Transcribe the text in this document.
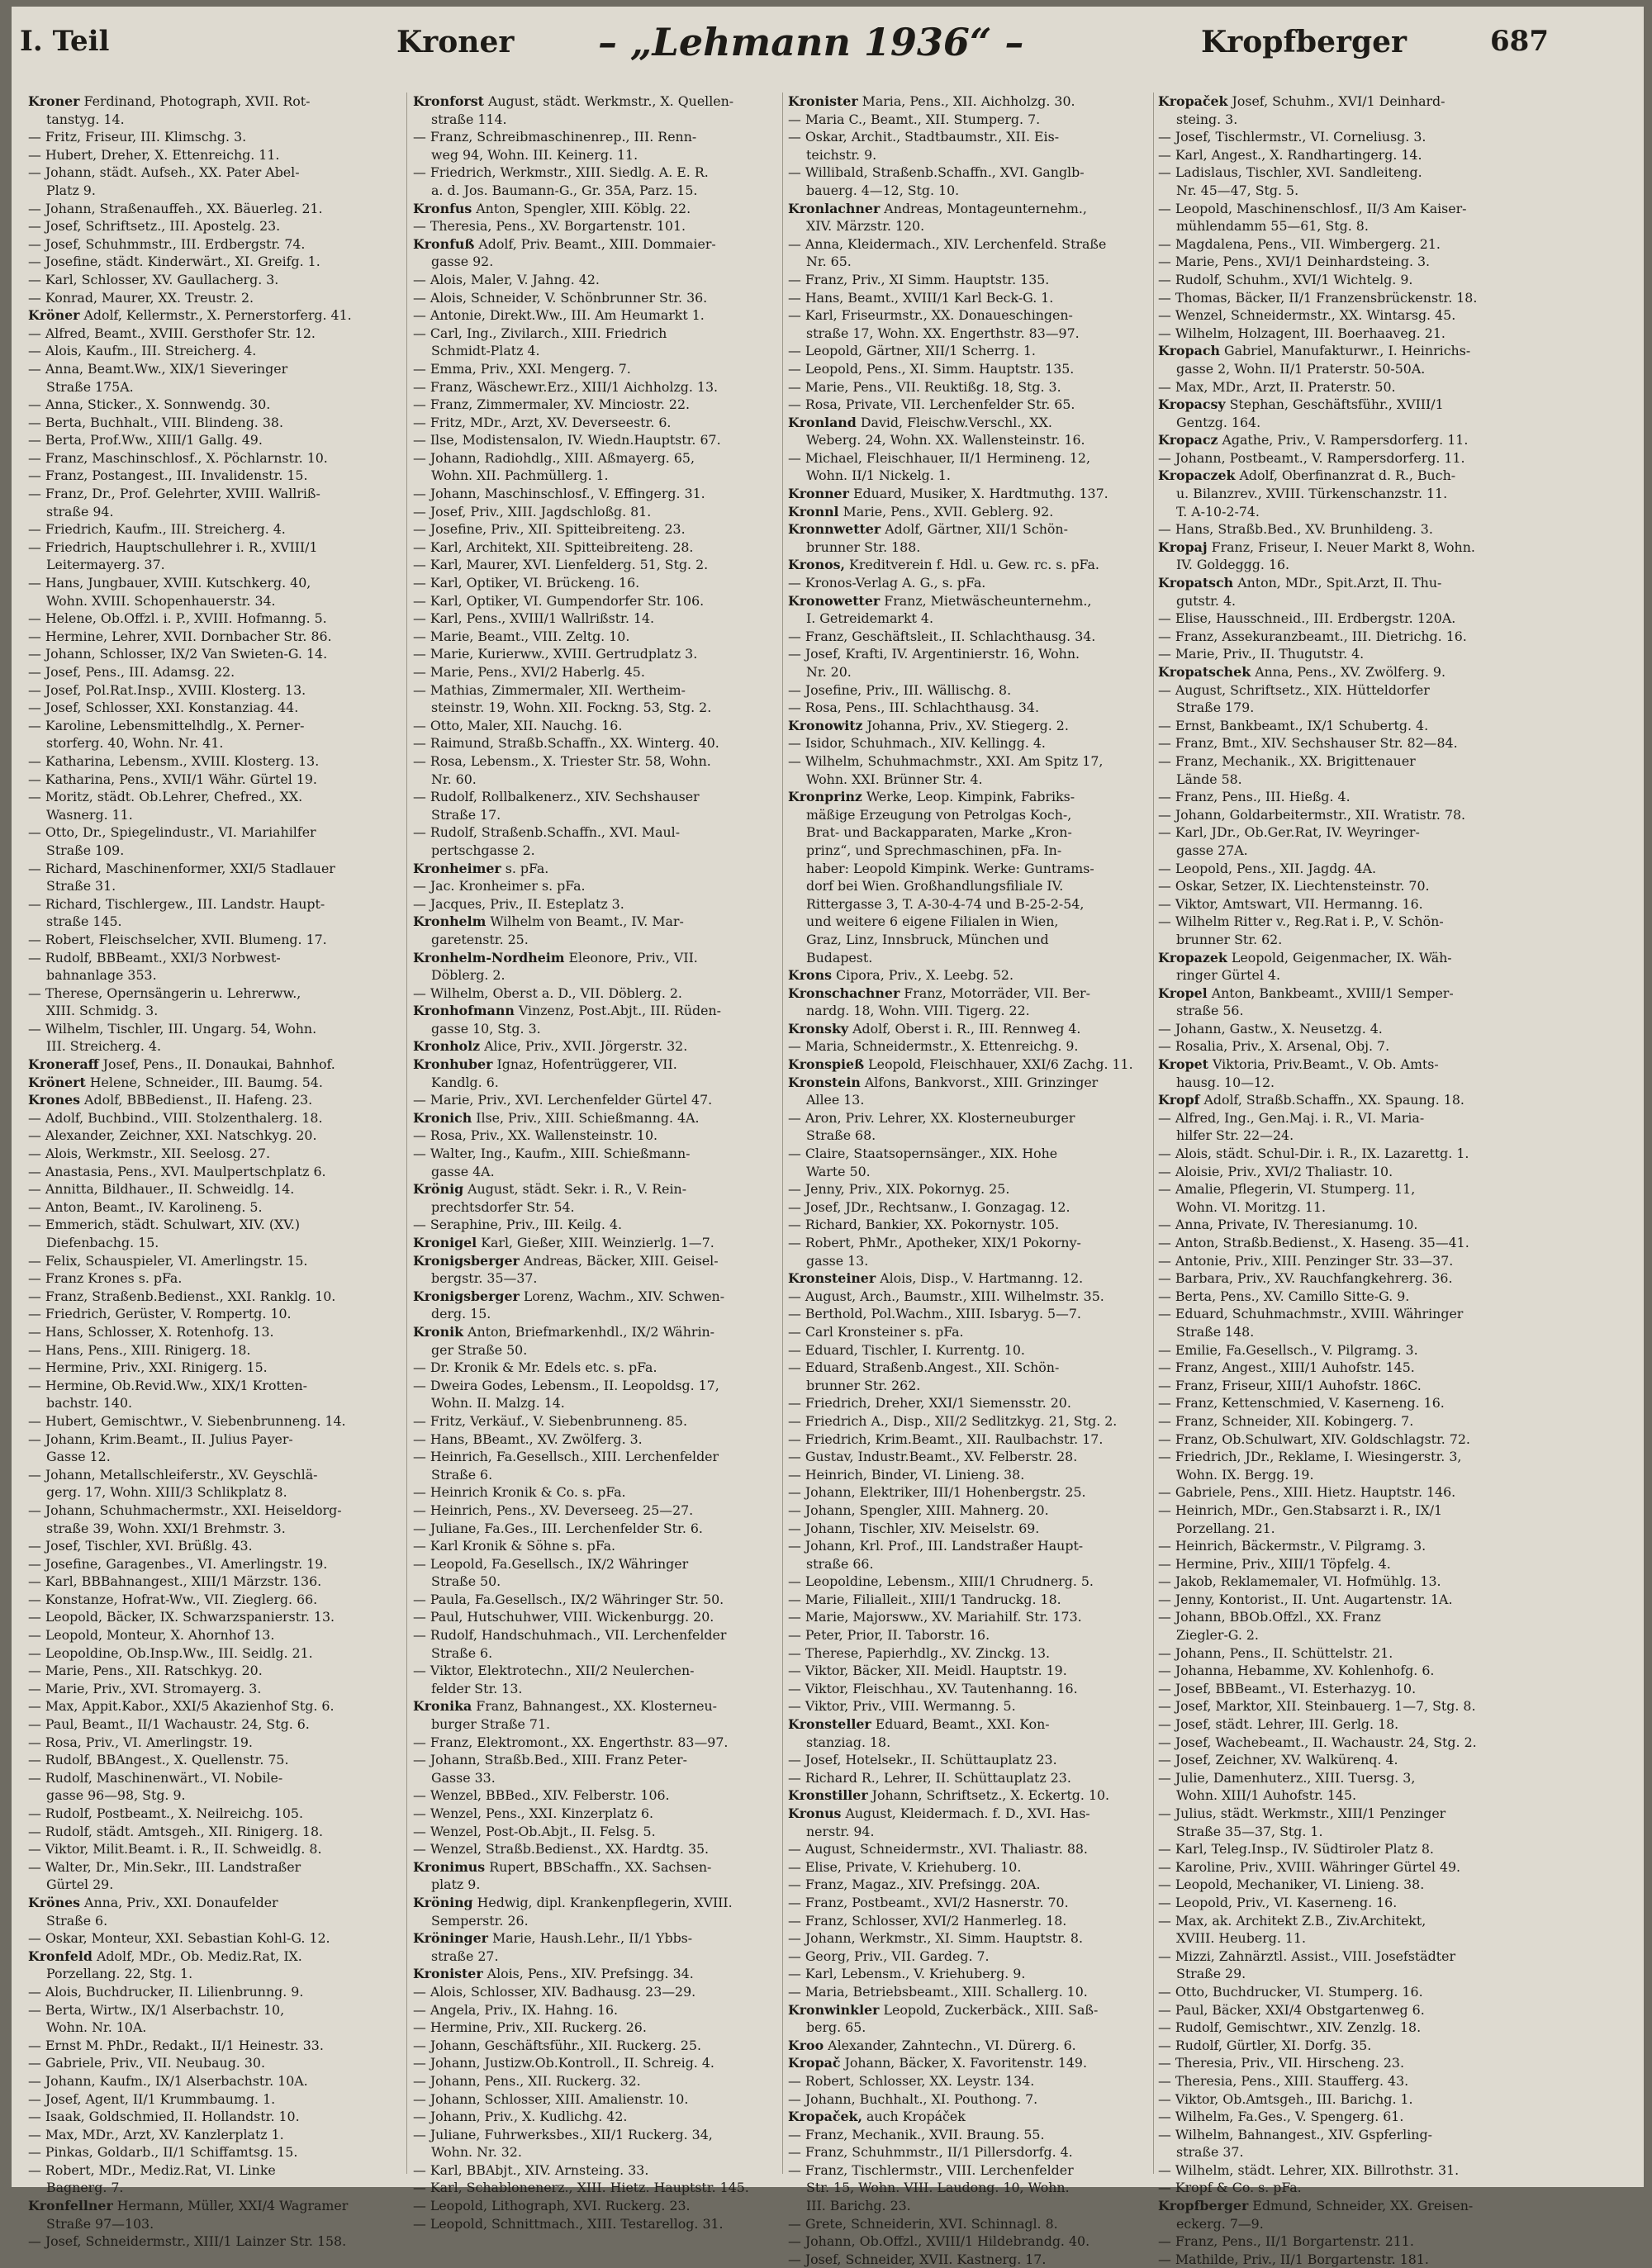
I. Teil	Kroner – „Lehmann 1936“ –	Kropfberger	687
Kroner Ferdinand, Photograph, XVII. Rot-
tanstyg. 14.
— Fritz, Friseur, III. Klimschg. 3.
— Hubert, Dreher, X. Ettenreichg. 11.
— Johann, städt. Aufseh., XX. Pater Abel-
Platz 9.
— Johann, Straßenauffeh., XX. Bäuerleg. 21.
— Josef, Schriftsetz., III. Apostelg. 23.
— Josef, Schuhmmstr., III. Erdbergstr. 74.
— Josefine, städt. Kinderwärt., XI. Greifg. 1.
— Karl, Schlosser, XV. Gaullacherg. 3.
— Konrad, Maurer, XX. Treustr. 2.
Kröner Adolf, Kellermstr., X. Pernerstorferg. 41.
— Alfred, Beamt., XVIII. Gersthofer Str. 12.
— Alois, Kaufm., III. Streicherg. 4.
— Anna, Beamt.Ww., XIX/1 Sieveringer
Straße 175A.
— Anna, Sticker., X. Sonnwendg. 30.
— Berta, Buchhalt., VIII. Blindeng. 38.
— Berta, Prof.Ww., XIII/1 Gallg. 49.
— Franz, Maschinschlosf., X. Pöchlarnstr. 10.
— Franz, Postangest., III. Invalidenstr. 15.
— Franz, Dr., Prof. Gelehrter, XVIII. Wallriß-
straße 94.
— Friedrich, Kaufm., III. Streicherg. 4.
— Friedrich, Hauptschullehrer i. R., XVIII/1
Leitermayerg. 37.
— Hans, Jungbauer, XVIII. Kutschkerg. 40,
Wohn. XVIII. Schopenhauerstr. 34.
— Helene, Ob.Offzl. i. P., XVIII. Hofmanng. 5.
— Hermine, Lehrer, XVII. Dornbacher Str. 86.
— Johann, Schlosser, IX/2 Van Swieten-G. 14.
— Josef, Pens., III. Adamsg. 22.
— Josef, Pol.Rat.Insp., XVIII. Klosterg. 13.
— Josef, Schlosser, XXI. Konstanziag. 44.
— Karoline, Lebensmittelhdlg., X. Perner-
storferg. 40, Wohn. Nr. 41.
— Katharina, Lebensm., XVIII. Klosterg. 13.
— Katharina, Pens., XVII/1 Währ. Gürtel 19.
— Moritz, städt. Ob.Lehrer, Chefred., XX.
Wasnerg. 11.
— Otto, Dr., Spiegelindustr., VI. Mariahilfer
Straße 109.
— Richard, Maschinenformer, XXI/5 Stadlauer
Straße 31.
— Richard, Tischlergew., III. Landstr. Haupt-
straße 145.
— Robert, Fleischselcher, XVII. Blumeng. 17.
— Rudolf, BBBeamt., XXI/3 Norbwest-
bahnanlage 353.
— Therese, Opernsängerin u. Lehrerww.,
XIII. Schmidg. 3.
— Wilhelm, Tischler, III. Ungarg. 54, Wohn.
III. Streicherg. 4.
Kroneraff Josef, Pens., II. Donaukai, Bahnhof.
Krönert Helene, Schneider., III. Baumg. 54.
Krones Adolf, BBBedienst., II. Hafeng. 23.
— Adolf, Buchbind., VIII. Stolzenthalerg. 18.
— Alexander, Zeichner, XXI. Natschkyg. 20.
— Alois, Werkmstr., XII. Seelosg. 27.
— Anastasia, Pens., XVI. Maulpertschplatz 6.
— Annitta, Bildhauer., II. Schweidlg. 14.
— Anton, Beamt., IV. Karolineng. 5.
— Emmerich, städt. Schulwart, XIV. (XV.)
Diefenbachg. 15.
— Felix, Schauspieler, VI. Amerlingstr. 15.
— Franz Krones s. pFa.
— Franz, Straßenb.Bedienst., XXI. Ranklg. 10.
— Friedrich, Gerüster, V. Rompertg. 10.
— Hans, Schlosser, X. Rotenhofg. 13.
— Hans, Pens., XIII. Rinigerg. 18.
— Hermine, Priv., XXI. Rinigerg. 15.
— Hermine, Ob.Revid.Ww., XIX/1 Krotten-
bachstr. 140.
— Hubert, Gemischtwr., V. Siebenbrunneng. 14.
— Johann, Krim.Beamt., II. Julius Payer-
Gasse 12.
— Johann, Metallschleiferstr., XV. Geyschlä-
gerg. 17, Wohn. XIII/3 Schlikplatz 8.
— Johann, Schuhmachermstr., XXI. Heiseldorg-
straße 39, Wohn. XXI/1 Brehmstr. 3.
— Josef, Tischler, XVI. Brüßlg. 43.
— Josefine, Garagenbes., VI. Amerlingstr. 19.
— Karl, BBBahnangest., XIII/1 Märzstr. 136.
— Konstanze, Hofrat-Ww., VII. Zieglerg. 66.
— Leopold, Bäcker, IX. Schwarzspanierstr. 13.
— Leopold, Monteur, X. Ahornhof 13.
— Leopoldine, Ob.Insp.Ww., III. Seidlg. 21.
— Marie, Pens., XII. Ratschkyg. 20.
— Marie, Priv., XVI. Stromayerg. 3.
— Max, Appit.Kabor., XXI/5 Akazienhof Stg. 6.
— Paul, Beamt., II/1 Wachaustr. 24, Stg. 6.
— Rosa, Priv., VI. Amerlingstr. 19.
— Rudolf, BBAngest., X. Quellenstr. 75.
— Rudolf, Maschinenwärt., VI. Nobile-
gasse 96—98, Stg. 9.
— Rudolf, Postbeamt., X. Neilreichg. 105.
— Rudolf, städt. Amtsgeh., XII. Rinigerg. 18.
— Viktor, Milit.Beamt. i. R., II. Schweidlg. 8.
— Walter, Dr., Min.Sekr., III. Landstraßer
Gürtel 29.
Krönes Anna, Priv., XXI. Donaufelder
Straße 6.
— Oskar, Monteur, XXI. Sebastian Kohl-G. 12.
Kronfeld Adolf, MDr., Ob. Mediz.Rat, IX.
Porzellang. 22, Stg. 1.
— Alois, Buchdrucker, II. Lilienbrunng. 9.
— Berta, Wirtw., IX/1 Alserbachstr. 10,
Wohn. Nr. 10A.
— Ernst M. PhDr., Redakt., II/1 Heinestr. 33.
— Gabriele, Priv., VII. Neubaug. 30.
— Johann, Kaufm., IX/1 Alserbachstr. 10A.
— Josef, Agent, II/1 Krummbaumg. 1.
— Isaak, Goldschmied, II. Hollandstr. 10.
— Max, MDr., Arzt, XV. Kanzlerplatz 1.
— Pinkas, Goldarb., II/1 Schiffamtsg. 15.
— Robert, MDr., Mediz.Rat, VI. Linke
Bagnerg. 7.
Kronfellner Hermann, Müller, XXI/4 Wagramer
Straße 97—103.
— Josef, Schneidermstr., XIII/1 Lainzer Str. 158.
Kronforst August, städt. Werkmstr., X. Quellen-
straße 114.
— Franz, Schreibmaschinenrep., III. Renn-
weg 94, Wohn. III. Keinerg. 11.
— Friedrich, Werkmstr., XIII. Siedlg. A. E. R.
a. d. Jos. Baumann-G., Gr. 35A, Parz. 15.
Kronfus Anton, Spengler, XIII. Köblg. 22.
— Theresia, Pens., XV. Borgartenstr. 101.
Kronfuß Adolf, Priv. Beamt., XIII. Dommaier-
gasse 92.
— Alois, Maler, V. Jahng. 42.
— Alois, Schneider, V. Schönbrunner Str. 36.
— Antonie, Direkt.Ww., III. Am Heumarkt 1.
— Carl, Ing., Zivilarch., XIII. Friedrich
Schmidt-Platz 4.
— Emma, Priv., XXI. Mengerg. 7.
— Franz, Wäschewr.Erz., XIII/1 Aichholzg. 13.
— Franz, Zimmermaler, XV. Minciostr. 22.
— Fritz, MDr., Arzt, XV. Deverseestr. 6.
— Ilse, Modistensalon, IV. Wiedn.Hauptstr. 67.
— Johann, Radiohdlg., XIII. Aßmayerg. 65,
Wohn. XII. Pachmüllerg. 1.
— Johann, Maschinschlosf., V. Effingerg. 31.
— Josef, Priv., XIII. Jagdschloßg. 81.
— Josefine, Priv., XII. Spitteibreiteng. 23.
— Karl, Architekt, XII. Spitteibreiteng. 28.
— Karl, Maurer, XVI. Lienfelderg. 51, Stg. 2.
— Karl, Optiker, VI. Brückeng. 16.
— Karl, Optiker, VI. Gumpendorfer Str. 106.
— Karl, Pens., XVIII/1 Wallrißstr. 14.
— Marie, Beamt., VIII. Zeltg. 10.
— Marie, Kurierww., XVIII. Gertrudplatz 3.
— Marie, Pens., XVI/2 Haberlg. 45.
— Mathias, Zimmermaler, XII. Wertheim-
steinstr. 19, Wohn. XII. Fockng. 53, Stg. 2.
— Otto, Maler, XII. Nauchg. 16.
— Raimund, Straßb.Schaffn., XX. Winterg. 40.
— Rosa, Lebensm., X. Triester Str. 58, Wohn.
Nr. 60.
— Rudolf, Rollbalkenerz., XIV. Sechshauser
Straße 17.
— Rudolf, Straßenb.Schaffn., XVI. Maul-
pertschgasse 2.
Kronheimer s. pFa.
— Jac. Kronheimer s. pFa.
— Jacques, Priv., II. Esteplatz 3.
Kronhelm Wilhelm von Beamt., IV. Mar-
garetenstr. 25.
Kronhelm-Nordheim Eleonore, Priv., VII.
Döblerg. 2.
— Wilhelm, Oberst a. D., VII. Döblerg. 2.
Kronhofmann Vinzenz, Post.Abjt., III. Rüden-
gasse 10, Stg. 3.
Kronholz Alice, Priv., XVII. Jörgerstr. 32.
Kronhuber Ignaz, Hofentrüggerer, VII.
Kandlg. 6.
— Marie, Priv., XVI. Lerchenfelder Gürtel 47.
Kronich Ilse, Priv., XIII. Schießmanng. 4A.
— Rosa, Priv., XX. Wallensteinstr. 10.
— Walter, Ing., Kaufm., XIII. Schießmann-
gasse 4A.
Krönig August, städt. Sekr. i. R., V. Rein-
prechtsdorfer Str. 54.
— Seraphine, Priv., III. Keilg. 4.
Kronigel Karl, Gießer, XIII. Weinzierlg. 1—7.
Kronigsberger Andreas, Bäcker, XIII. Geisel-
bergstr. 35—37.
Kronigsberger Lorenz, Wachm., XIV. Schwen-
derg. 15.
Kronik Anton, Briefmarkenhdl., IX/2 Währin-
ger Straße 50.
— Dr. Kronik & Mr. Edels etc. s. pFa.
— Dweira Godes, Lebensm., II. Leopoldsg. 17,
Wohn. II. Malzg. 14.
— Fritz, Verkäuf., V. Siebenbrunneng. 85.
— Hans, BBeamt., XV. Zwölferg. 3.
— Heinrich, Fa.Gesellsch., XIII. Lerchenfelder
Straße 6.
— Heinrich Kronik & Co. s. pFa.
— Heinrich, Pens., XV. Deverseeg. 25—27.
— Juliane, Fa.Ges., III. Lerchenfelder Str. 6.
— Karl Kronik & Söhne s. pFa.
— Leopold, Fa.Gesellsch., IX/2 Währinger
Straße 50.
— Paula, Fa.Gesellsch., IX/2 Währinger Str. 50.
— Paul, Hutschuhwer, VIII. Wickenburgg. 20.
— Rudolf, Handschuhmach., VII. Lerchenfelder
Straße 6.
— Viktor, Elektrotechn., XII/2 Neulerchen-
felder Str. 13.
Kronika Franz, Bahnangest., XX. Klosterneu-
burger Straße 71.
— Franz, Elektromont., XX. Engerthstr. 83—97.
— Johann, Straßb.Bed., XIII. Franz Peter-
Gasse 33.
— Wenzel, BBBed., XIV. Felberstr. 106.
— Wenzel, Pens., XXI. Kinzerplatz 6.
— Wenzel, Post-Ob.Abjt., II. Felsg. 5.
— Wenzel, Straßb.Bedienst., XX. Hardtg. 35.
Kronimus Rupert, BBSchaffn., XX. Sachsen-
platz 9.
Kröning Hedwig, dipl. Krankenpflegerin, XVIII.
Semperstr. 26.
Kröninger Marie, Haush.Lehr., II/1 Ybbs-
straße 27.
Kronister Alois, Pens., XIV. Prefsingg. 34.
— Alois, Schlosser, XIV. Badhausg. 23—29.
— Angela, Priv., IX. Hahng. 16.
— Hermine, Priv., XII. Ruckerg. 26.
— Johann, Geschäftsführ., XII. Ruckerg. 25.
— Johann, Justizw.Ob.Kontroll., II. Schreig. 4.
— Johann, Pens., XII. Ruckerg. 32.
— Johann, Schlosser, XIII. Amalienstr. 10.
— Johann, Priv., X. Kudlichg. 42.
— Juliane, Fuhrwerksbes., XII/1 Ruckerg. 34,
Wohn. Nr. 32.
— Karl, BBAbjt., XIV. Arnsteing. 33.
— Karl, Schablonenerz., XIII. Hietz. Hauptstr. 145.
— Leopold, Lithograph, XVI. Ruckerg. 23.
— Leopold, Schnittmach., XIII. Testarellog. 31.
Kronister Maria, Pens., XII. Aichholzg. 30.
— Maria C., Beamt., XII. Stumperg. 7.
— Oskar, Archit., Stadtbaumstr., XII. Eis-
teichstr. 9.
— Willibald, Straßenb.Schaffn., XVI. Ganglb-
bauerg. 4—12, Stg. 10.
Kronlachner Andreas, Montageunternehm.,
XIV. Märzstr. 120.
— Anna, Kleidermach., XIV. Lerchenfeld. Straße
Nr. 65.
— Franz, Priv., XI Simm. Hauptstr. 135.
— Hans, Beamt., XVIII/1 Karl Beck-G. 1.
— Karl, Friseurmstr., XX. Donaueschingen-
straße 17, Wohn. XX. Engerthstr. 83—97.
— Leopold, Gärtner, XII/1 Scherrg. 1.
— Leopold, Pens., XI. Simm. Hauptstr. 135.
— Marie, Pens., VII. Reuktißg. 18, Stg. 3.
— Rosa, Private, VII. Lerchenfelder Str. 65.
Kronland David, Fleischw.Verschl., XX.
Weberg. 24, Wohn. XX. Wallensteinstr. 16.
— Michael, Fleischhauer, II/1 Hermineng. 12,
Wohn. II/1 Nickelg. 1.
Kronner Eduard, Musiker, X. Hardtmuthg. 137.
Kronnl Marie, Pens., XVII. Geblerg. 92.
Kronnwetter Adolf, Gärtner, XII/1 Schön-
brunner Str. 188.
Kronos, Kreditverein f. Hdl. u. Gew. rc. s. pFa.
— Kronos-Verlag A. G., s. pFa.
Kronowetter Franz, Mietwäscheunternehm.,
I. Getreidemarkt 4.
— Franz, Geschäftsleit., II. Schlachthausg. 34.
— Josef, Krafti, IV. Argentinierstr. 16, Wohn.
Nr. 20.
— Josefine, Priv., III. Wällischg. 8.
— Rosa, Pens., III. Schlachthausg. 34.
Kronowitz Johanna, Priv., XV. Stiegerg. 2.
— Isidor, Schuhmach., XIV. Kellingg. 4.
— Wilhelm, Schuhmachmstr., XXI. Am Spitz 17,
Wohn. XXI. Brünner Str. 4.
Kronprinz Werke, Leop. Kimpink, Fabriks-
mäßige Erzeugung von Petrolgas Koch-,
Brat- und Backapparaten, Marke „Kron-
prinz“, und Sprechmaschinen, pFa. In-
haber: Leopold Kimpink. Werke: Guntrams-
dorf bei Wien. Großhandlungsfiliale IV.
Rittergasse 3, T. A-30-4-74 und B-25-2-54,
und weitere 6 eigene Filialen in Wien,
Graz, Linz, Innsbruck, München und
Budapest.
Krons Cipora, Priv., X. Leebg. 52.
Kronschachner Franz, Motorräder, VII. Ber-
nardg. 18, Wohn. VIII. Tigerg. 22.
Kronsky Adolf, Oberst i. R., III. Rennweg 4.
— Maria, Schneidermstr., X. Ettenreichg. 9.
Kronspieß Leopold, Fleischhauer, XXI/6 Zachg. 11.
Kronstein Alfons, Bankvorst., XIII. Grinzinger
Allee 13.
— Aron, Priv. Lehrer, XX. Klosterneuburger
Straße 68.
— Claire, Staatsopernsänger., XIX. Hohe
Warte 50.
— Jenny, Priv., XIX. Pokornyg. 25.
— Josef, JDr., Rechtsanw., I. Gonzagag. 12.
— Richard, Bankier, XX. Pokornystr. 105.
— Robert, PhMr., Apotheker, XIX/1 Pokorny-
gasse 13.
Kronsteiner Alois, Disp., V. Hartmanng. 12.
— August, Arch., Baumstr., XIII. Wilhelmstr. 35.
— Berthold, Pol.Wachm., XIII. Isbaryg. 5—7.
— Carl Kronsteiner s. pFa.
— Eduard, Tischler, I. Kurrentg. 10.
— Eduard, Straßenb.Angest., XII. Schön-
brunner Str. 262.
— Friedrich, Dreher, XXI/1 Siemensstr. 20.
— Friedrich A., Disp., XII/2 Sedlitzkyg. 21, Stg. 2.
— Friedrich, Krim.Beamt., XII. Raulbachstr. 17.
— Gustav, Industr.Beamt., XV. Felberstr. 28.
— Heinrich, Binder, VI. Linieng. 38.
— Johann, Elektriker, III/1 Hohenbergstr. 25.
— Johann, Spengler, XIII. Mahnerg. 20.
— Johann, Tischler, XIV. Meiselstr. 69.
— Johann, Krl. Prof., III. Landstraßer Haupt-
straße 66.
— Leopoldine, Lebensm., XIII/1 Chrudnerg. 5.
— Marie, Filialleit., XIII/1 Tandruckg. 18.
— Marie, Majorsww., XV. Mariahilf. Str. 173.
— Peter, Prior, II. Taborstr. 16.
— Therese, Papierhdlg., XV. Zinckg. 13.
— Viktor, Bäcker, XII. Meidl. Hauptstr. 19.
— Viktor, Fleischhau., XV. Tautenhanng. 16.
— Viktor, Priv., VIII. Wermanng. 5.
Kronsteller Eduard, Beamt., XXI. Kon-
stanziag. 18.
— Josef, Hotelsekr., II. Schüttauplatz 23.
— Richard R., Lehrer, II. Schüttauplatz 23.
Kronstiller Johann, Schriftsetz., X. Eckertg. 10.
Kronus August, Kleidermach. f. D., XVI. Has-
nerstr. 94.
— August, Schneidermstr., XVI. Thaliastr. 88.
— Elise, Private, V. Kriehuberg. 10.
— Franz, Magaz., XIV. Prefsingg. 20A.
— Franz, Postbeamt., XVI/2 Hasnerstr. 70.
— Franz, Schlosser, XVI/2 Hanmerleg. 18.
— Johann, Werkmstr., XI. Simm. Hauptstr. 8.
— Georg, Priv., VII. Gardeg. 7.
— Karl, Lebensm., V. Kriehuberg. 9.
— Maria, Betriebsbeamt., XIII. Schallerg. 10.
Kronwinkler Leopold, Zuckerbäck., XIII. Saß-
berg. 65.
Kroo Alexander, Zahntechn., VI. Dürerg. 6.
Kropač Johann, Bäcker, X. Favoritenstr. 149.
— Robert, Schlosser, XX. Leystr. 134.
— Johann, Buchhalt., XI. Pouthong. 7.
Kropaček, auch Kropáček
— Franz, Mechanik., XVII. Braung. 55.
— Franz, Schuhmmstr., II/1 Pillersdorfg. 4.
— Franz, Tischlermstr., VIII. Lerchenfelder
Str. 15, Wohn. VIII. Laudong. 10, Wohn.
III. Barichg. 23.
— Grete, Schneiderin, XVI. Schinnagl. 8.
— Johann, Ob.Offzl., XVIII/1 Hildebrandg. 40.
— Josef, Schneider, XVII. Kastnerg. 17.
Kropaček Josef, Schuhm., XVI/1 Deinhard-
steing. 3.
— Josef, Tischlermstr., VI. Corneliusg. 3.
— Karl, Angest., X. Randhartingerg. 14.
— Ladislaus, Tischler, XVI. Sandleiteng.
Nr. 45—47, Stg. 5.
— Leopold, Maschinenschlosf., II/3 Am Kaiser-
mühlendamm 55—61, Stg. 8.
— Magdalena, Pens., VII. Wimbergerg. 21.
— Marie, Pens., XVI/1 Deinhardsteing. 3.
— Rudolf, Schuhm., XVI/1 Wichtelg. 9.
— Thomas, Bäcker, II/1 Franzensbrückenstr. 18.
— Wenzel, Schneidermstr., XX. Wintarsg. 45.
— Wilhelm, Holzagent, III. Boerhaaveg. 21.
Kropach Gabriel, Manufakturwr., I. Heinrichs-
gasse 2, Wohn. II/1 Praterstr. 50-50A.
— Max, MDr., Arzt, II. Praterstr. 50.
Kropacsy Stephan, Geschäftsführ., XVIII/1
Gentzg. 164.
Kropacz Agathe, Priv., V. Rampersdorferg. 11.
— Johann, Postbeamt., V. Rampersdorferg. 11.
Kropaczek Adolf, Oberfinanzrat d. R., Buch-
u. Bilanzrev., XVIII. Türkenschanzstr. 11.
T. A-10-2-74.
— Hans, Straßb.Bed., XV. Brunhildeng. 3.
Kropaj Franz, Friseur, I. Neuer Markt 8, Wohn.
IV. Goldeggg. 16.
Kropatsch Anton, MDr., Spit.Arzt, II. Thu-
gutstr. 4.
— Elise, Hausschneid., III. Erdbergstr. 120A.
— Franz, Assekuranzbeamt., III. Dietrichg. 16.
— Marie, Priv., II. Thugutstr. 4.
Kropatschek Anna, Pens., XV. Zwölferg. 9.
— August, Schriftsetz., XIX. Hütteldorfer
Straße 179.
— Ernst, Bankbeamt., IX/1 Schubertg. 4.
— Franz, Bmt., XIV. Sechshauser Str. 82—84.
— Franz, Mechanik., XX. Brigittenauer
Lände 58.
— Franz, Pens., III. Hießg. 4.
— Johann, Goldarbeitermstr., XII. Wratistr. 78.
— Karl, JDr., Ob.Ger.Rat, IV. Weyringer-
gasse 27A.
— Leopold, Pens., XII. Jagdg. 4A.
— Oskar, Setzer, IX. Liechtensteinstr. 70.
— Viktor, Amtswart, VII. Hermanng. 16.
— Wilhelm Ritter v., Reg.Rat i. P., V. Schön-
brunner Str. 62.
Kropazek Leopold, Geigenmacher, IX. Wäh-
ringer Gürtel 4.
Kropel Anton, Bankbeamt., XVIII/1 Semper-
straße 56.
— Johann, Gastw., X. Neusetzg. 4.
— Rosalia, Priv., X. Arsenal, Obj. 7.
Kropet Viktoria, Priv.Beamt., V. Ob. Amts-
hausg. 10—12.
Kropf Adolf, Straßb.Schaffn., XX. Spaung. 18.
— Alfred, Ing., Gen.Maj. i. R., VI. Maria-
hilfer Str. 22—24.
— Alois, städt. Schul-Dir. i. R., IX. Lazarettg. 1.
— Aloisie, Priv., XVI/2 Thaliastr. 10.
— Amalie, Pflegerin, VI. Stumperg. 11,
Wohn. VI. Moritzg. 11.
— Anna, Private, IV. Theresianumg. 10.
— Anton, Straßb.Bedienst., X. Haseng. 35—41.
— Antonie, Priv., XIII. Penzinger Str. 33—37.
— Barbara, Priv., XV. Rauchfangkehrerg. 36.
— Berta, Pens., XV. Camillo Sitte-G. 9.
— Eduard, Schuhmachmstr., XVIII. Währinger
Straße 148.
— Emilie, Fa.Gesellsch., V. Pilgramg. 3.
— Franz, Angest., XIII/1 Auhofstr. 145.
— Franz, Friseur, XIII/1 Auhofstr. 186C.
— Franz, Kettenschmied, V. Kaserneng. 16.
— Franz, Schneider, XII. Kobingerg. 7.
— Franz, Ob.Schulwart, XIV. Goldschlagstr. 72.
— Friedrich, JDr., Reklame, I. Wiesingerstr. 3,
Wohn. IX. Bergg. 19.
— Gabriele, Pens., XIII. Hietz. Hauptstr. 146.
— Heinrich, MDr., Gen.Stabsarzt i. R., IX/1
Porzellang. 21.
— Heinrich, Bäckermstr., V. Pilgramg. 3.
— Hermine, Priv., XIII/1 Töpfelg. 4.
— Jakob, Reklamemaler, VI. Hofmühlg. 13.
— Jenny, Kontorist., II. Unt. Augartenstr. 1A.
— Johann, BBOb.Offzl., XX. Franz
Ziegler-G. 2.
— Johann, Pens., II. Schüttelstr. 21.
— Johanna, Hebamme, XV. Kohlenhofg. 6.
— Josef, BBBeamt., VI. Esterhazyg. 10.
— Josef, Marktor, XII. Steinbauerg. 1—7, Stg. 8.
— Josef, städt. Lehrer, III. Gerlg. 18.
— Josef, Wachebeamt., II. Wachaustr. 24, Stg. 2.
— Josef, Zeichner, XV. Walkürenq. 4.
— Julie, Damenhuterz., XIII. Tuersg. 3,
Wohn. XIII/1 Auhofstr. 145.
— Julius, städt. Werkmstr., XIII/1 Penzinger
Straße 35—37, Stg. 1.
— Karl, Teleg.Insp., IV. Südtiroler Platz 8.
— Karoline, Priv., XVIII. Währinger Gürtel 49.
— Leopold, Mechaniker, VI. Linieng. 38.
— Leopold, Priv., VI. Kaserneng. 16.
— Max, ak. Architekt Z.B., Ziv.Architekt,
XVIII. Heuberg. 11.
— Mizzi, Zahnärztl. Assist., VIII. Josefstädter
Straße 29.
— Otto, Buchdrucker, VI. Stumperg. 16.
— Paul, Bäcker, XXI/4 Obstgartenweg 6.
— Rudolf, Gemischtwr., XIV. Zenzlg. 18.
— Rudolf, Gürtler, XI. Dorfg. 35.
— Theresia, Priv., VII. Hirscheng. 23.
— Theresia, Pens., XIII. Staufferg. 43.
— Viktor, Ob.Amtsgeh., III. Barichg. 1.
— Wilhelm, Fa.Ges., V. Spengerg. 61.
— Wilhelm, Bahnangest., XIV. Gspferling-
straße 37.
— Wilhelm, städt. Lehrer, XIX. Billrothstr. 31.
— Kropf & Co. s. pFa.
Kropfberger Edmund, Schneider, XX. Greisen-
eckerg. 7—9.
— Franz, Pens., II/1 Borgartenstr. 211.
— Mathilde, Priv., II/1 Borgartenstr. 181.
